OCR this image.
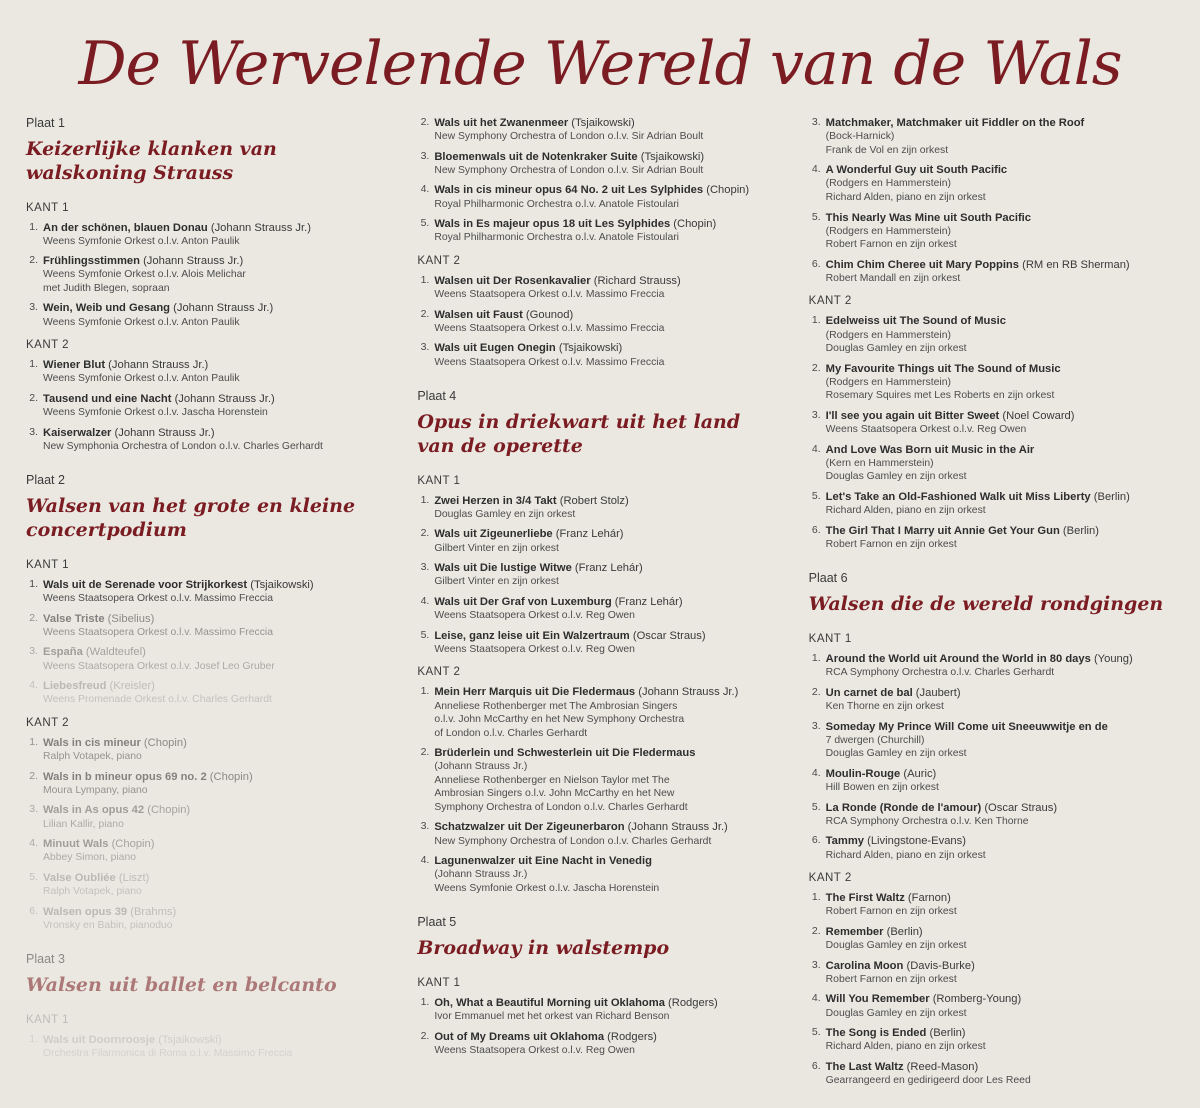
De Wervelende Wereld van de Wals
Plaat 1
Keizerlijke klanken van walskoning Strauss
KANT 1
1. An der schönen, blauen Donau (Johann Strauss Jr.)
Weens Symfonie Orkest o.l.v. Anton Paulik
2. Frühlingsstimmen (Johann Strauss Jr.)
Weens Symfonie Orkest o.l.v. Alois Melichar
met Judith Blegen, sopraan
3. Wein, Weib und Gesang (Johann Strauss Jr.)
Weens Symfonie Orkest o.l.v. Anton Paulik
KANT 2
1. Wiener Blut (Johann Strauss Jr.)
Weens Symfonie Orkest o.l.v. Anton Paulik
2. Tausend und eine Nacht (Johann Strauss Jr.)
Weens Symfonie Orkest o.l.v. Jascha Horenstein
3. Kaiserwalzer (Johann Strauss Jr.)
New Symphonia Orchestra of London o.l.v. Charles Gerhardt
Plaat 2
Walsen van het grote en kleine concertpodium
KANT 1
1. Wals uit de Serenade voor Strijkorkest (Tsjaikowski)
Weens Staatsopera Orkest o.l.v. Massimo Freccia
2. Valse Triste (Sibelius)
Weens Staatsopera Orkest o.l.v. Massimo Freccia
3. Españа (Waldteufel)
Weens Staatsopera Orkest o.l.v. Josef Leo Gruber
4. Liebesfreud (Kreisler)
Weens Promenade Orkest o.l.v. Charles Gerhardt
KANT 2
1. Wals in cis mineur (Chopin)
Ralph Votapek, piano
2. Wals in b mineur opus 69 no. 2 (Chopin)
Moura Lympany, piano
3. Wals in As opus 42 (Chopin)
Lilian Kallir, piano
4. Minuut Wals (Chopin)
Abbey Simon, piano
5. Valse Oubliée (Liszt)
Ralph Votapek, piano
6. Walsen opus 39 (Brahms)
Vronsky en Babin, pianoduo
Plaat 3
Walsen uit ballet en belcanto
KANT 1
1. Wals uit Doornroosje (Tsjaikowski)
Orchestra Filarmonica di Roma o.l.v. Massimo Freccia
2. Wals uit het Zwanenmeer (Tsjaikowski)
New Symphony Orchestra of London o.l.v. Sir Adrian Boult
3. Bloemenwals uit de Notenkraker Suite (Tsjaikowski)
New Symphony Orchestra of London o.l.v. Sir Adrian Boult
4. Wals in cis mineur opus 64 No. 2 uit Les Sylphides (Chopin)
Royal Philharmonic Orchestra o.l.v. Anatole Fistoulari
5. Wals in Es majeur opus 18 uit Les Sylphides (Chopin)
Royal Philharmonic Orchestra o.l.v. Anatole Fistoulari
KANT 2
1. Walsen uit Der Rosenkavalier (Richard Strauss)
Weens Staatsopera Orkest o.l.v. Massimo Freccia
2. Walsen uit Faust (Gounod)
Weens Staatsopera Orkest o.l.v. Massimo Freccia
3. Wals uit Eugen Onegin (Tsjaikowski)
Weens Staatsopera Orkest o.l.v. Massimo Freccia
Plaat 4
Opus in driekwart uit het land van de operette
KANT 1
1. Zwei Herzen in 3/4 Takt (Robert Stolz)
Douglas Gamley en zijn orkest
2. Wals uit Zigeunerliebe (Franz Lehár)
Gilbert Vinter en zijn orkest
3. Wals uit Die lustige Witwe (Franz Lehár)
Gilbert Vinter en zijn orkest
4. Wals uit Der Graf von Luxemburg (Franz Lehár)
Weens Staatsopera Orkest o.l.v. Reg Owen
5. Leise, ganz leise uit Ein Walzertraum (Oscar Straus)
Weens Staatsopera Orkest o.l.v. Reg Owen
KANT 2
1. Mein Herr Marquis uit Die Fledermaus (Johann Strauss Jr.)
Anneliese Rothenberger met The Ambrosian Singers
o.l.v. John McCarthy en het New Symphony Orchestra
of London o.l.v. Charles Gerhardt
2. Brüderlein und Schwesterlein uit Die Fledermaus
(Johann Strauss Jr.)
Anneliese Rothenberger en Nielson Taylor met The
Ambrosian Singers o.l.v. John McCarthy en het New
Symphony Orchestra of London o.l.v. Charles Gerhardt
3. Schatzwalzer uit Der Zigeunerbaron (Johann Strauss Jr.)
New Symphony Orchestra of London o.l.v. Charles Gerhardt
4. Lagunenwalzer uit Eine Nacht in Venedig
(Johann Strauss Jr.)
Weens Symfonie Orkest o.l.v. Jascha Horenstein
Plaat 5
Broadway in walstempo
KANT 1
1. Oh, What a Beautiful Morning uit Oklahoma (Rodgers)
Ivor Emmanuel met het orkest van Richard Benson
2. Out of My Dreams uit Oklahoma (Rodgers)
Weens Staatsopera Orkest o.l.v. Reg Owen
3. Matchmaker, Matchmaker uit Fiddler on the Roof
(Bock-Harnick)
Frank de Vol en zijn orkest
4. A Wonderful Guy uit South Pacific
(Rodgers en Hammerstein)
Richard Alden, piano en zijn orkest
5. This Nearly Was Mine uit South Pacific
(Rodgers en Hammerstein)
Robert Farnon en zijn orkest
6. Chim Chim Cheree uit Mary Poppins (RM en RB Sherman)
Robert Mandall en zijn orkest
KANT 2
1. Edelweiss uit The Sound of Music
(Rodgers en Hammerstein)
Douglas Gamley en zijn orkest
2. My Favourite Things uit The Sound of Music
(Rodgers en Hammerstein)
Rosemary Squires met Les Roberts en zijn orkest
3. I'll see you again uit Bitter Sweet (Noel Coward)
Weens Staatsopera Orkest o.l.v. Reg Owen
4. And Love Was Born uit Music in the Air
(Kern en Hammerstein)
Douglas Gamley en zijn orkest
5. Let's Take an Old-Fashioned Walk uit Miss Liberty (Berlin)
Richard Alden, piano en zijn orkest
6. The Girl That I Marry uit Annie Get Your Gun (Berlin)
Robert Farnon en zijn orkest
Plaat 6
Walsen die de wereld rondgingen
KANT 1
1. Around the World uit Around the World in 80 days (Young)
RCA Symphony Orchestra o.l.v. Charles Gerhardt
2. Un carnet de bal (Jaubert)
Ken Thorne en zijn orkest
3. Someday My Prince Will Come uit Sneeuwwitje en de
7 dwergen (Churchill)
Douglas Gamley en zijn orkest
4. Moulin-Rouge (Auric)
Hill Bowen en zijn orkest
5. La Ronde (Ronde de l'amour) (Oscar Straus)
RCA Symphony Orchestra o.l.v. Ken Thorne
6. Tammy (Livingstone-Evans)
Richard Alden, piano en zijn orkest
KANT 2
1. The First Waltz (Farnon)
Robert Farnon en zijn orkest
2. Remember (Berlin)
Douglas Gamley en zijn orkest
3. Carolina Moon (Davis-Burke)
Robert Farnon en zijn orkest
4. Will You Remember (Romberg-Young)
Douglas Gamley en zijn orkest
5. The Song is Ended (Berlin)
Richard Alden, piano en zijn orkest
6. The Last Waltz (Reed-Mason)
Gearrangeerd en gedirigeerd door Les Reed
